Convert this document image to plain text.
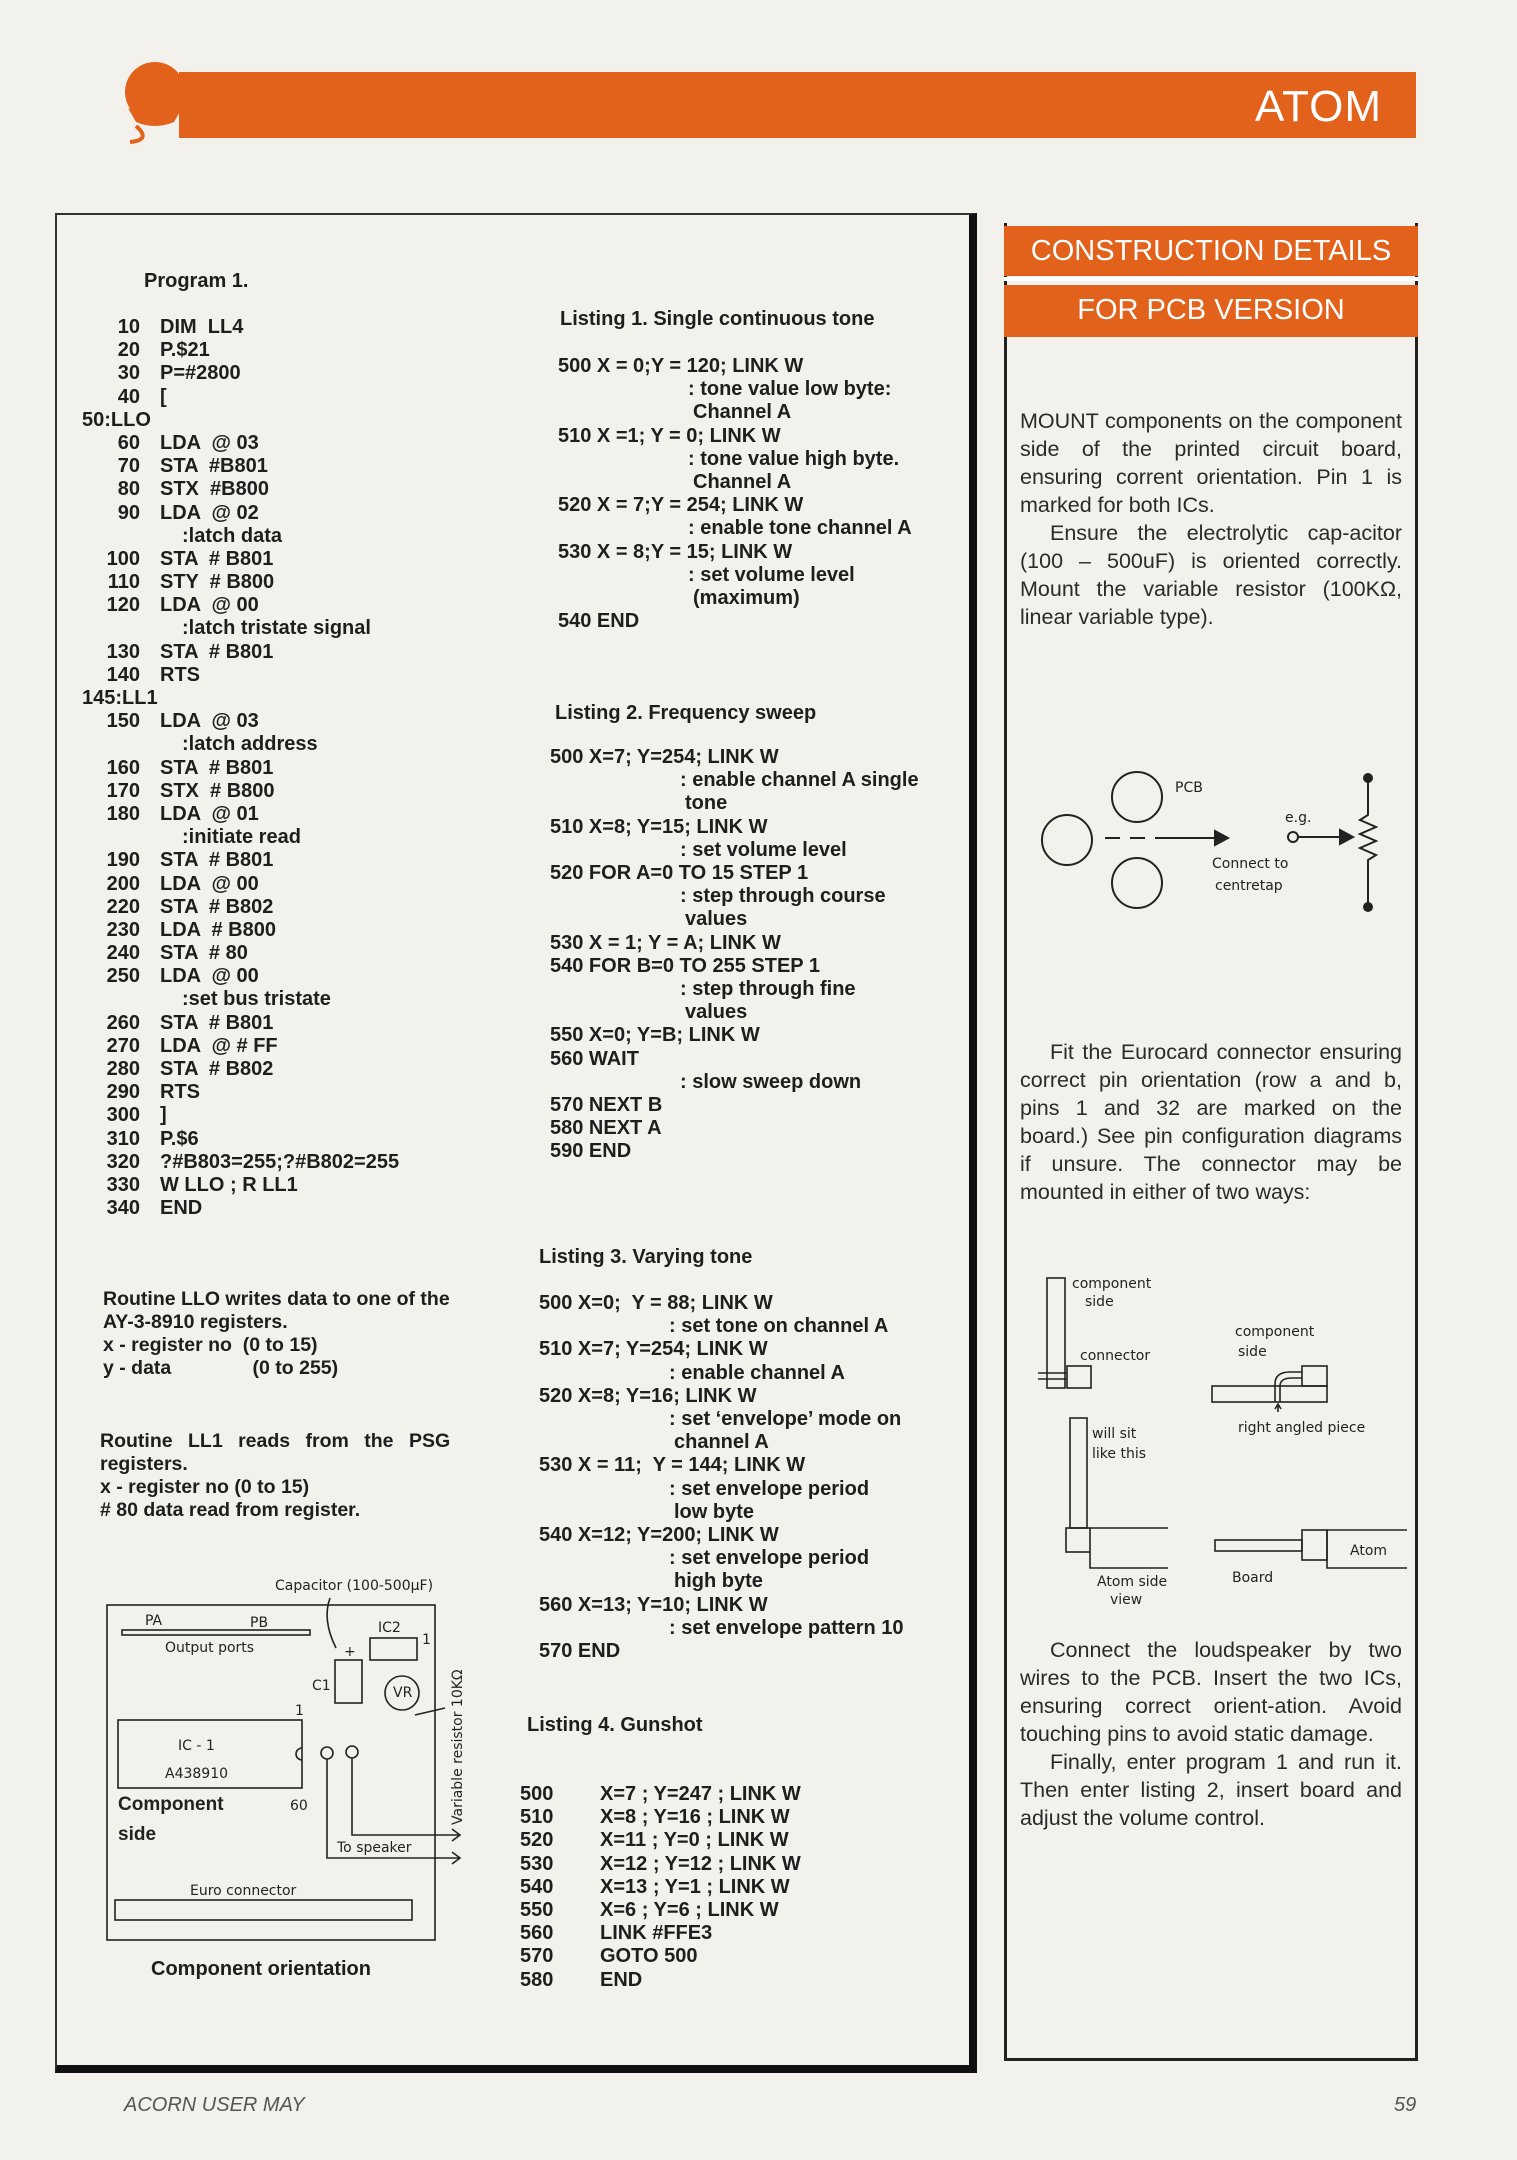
ATOM
Program 1.
10	DIM  LL4
20	P.$21
30	P=#2800
40	[
50:LLO
60	LDA  @ 03
70	STA  #B801
80	STX  #B800
90	LDA  @ 02
:latch data
100	STA  # B801
110	STY  # B800
120	LDA  @ 00
:latch tristate signal
130	STA  # B801
140	RTS
145:LL1
150	LDA  @ 03
:latch address
160	STA  # B801
170	STX  # B800
180	LDA  @ 01
:initiate read
190	STA  # B801
200	LDA  @ 00
220	STA  # B802
230	LDA  # B800
240	STA  # 80
250	LDA  @ 00
:set bus tristate
260	STA  # B801
270	LDA  @ # FF
280	STA  # B802
290	RTS
300	]
310	P.$6
320	?#B803=255;?#B802=255
330	W LLO ; R LL1
340	END
Routine LLO writes data to one of the
AY-3-8910 registers.
x - register no  (0 to 15)
y - data               (0 to 255)
Routine LL1 reads from the PSG
registers.
x - register no (0 to 15)
# 80 data read from register.
Capacitor (100-500μF)
PA	PB
Output ports
IC2
1
+
C1	VR
1
IC - 1
A438910
60
Component
side
To speaker
Euro connector
Variable resistor 10KΩ
Component orientation
Listing 1. Single continuous tone
500 X = 0;Y = 120; LINK W
: tone value low byte:
Channel A
510 X =1; Y = 0; LINK W
: tone value high byte.
Channel A
520 X = 7;Y = 254; LINK W
: enable tone channel A
530 X = 8;Y = 15; LINK W
: set volume level
(maximum)
540 END
Listing 2. Frequency sweep
500 X=7; Y=254; LINK W
: enable channel A single
tone
510 X=8; Y=15; LINK W
: set volume level
520 FOR A=0 TO 15 STEP 1
: step through course
values
530 X = 1; Y = A; LINK W
540 FOR B=0 TO 255 STEP 1
: step through fine
values
550 X=0; Y=B; LINK W
560 WAIT
: slow sweep down
570 NEXT B
580 NEXT A
590 END
Listing 3. Varying tone
500 X=0;  Y = 88; LINK W
: set tone on channel A
510 X=7; Y=254; LINK W
: enable channel A
520 X=8; Y=16; LINK W
: set ‘envelope’ mode on
channel A
530 X = 11;  Y = 144; LINK W
: set envelope period
low byte
540 X=12; Y=200; LINK W
: set envelope period
high byte
560 X=13; Y=10; LINK W
: set envelope pattern 10
570 END
Listing 4. Gunshot
500	X=7 ; Y=247 ; LINK W
510	X=8 ; Y=16 ; LINK W
520	X=11 ; Y=0 ; LINK W
530	X=12 ; Y=12 ; LINK W
540	X=13 ; Y=1 ; LINK W
550	X=6 ; Y=6 ; LINK W
560	LINK #FFE3
570	GOTO 500
580	END
CONSTRUCTION DETAILS
FOR PCB VERSION

MOUNT components on the component side of the printed circuit board, ensuring corrent orientation. Pin 1 is marked for both ICs.

Ensure the electrolytic cap-acitor (100 – 500uF) is oriented correctly. Mount the variable resistor (100KΩ, linear variable type).

PCB
e.g.
Connect to
centretap

Fit the Eurocard connector ensuring correct pin orientation (row a and b, pins 1 and 32 are marked on the board.) See pin configuration diagrams if unsure. The connector may be mounted in either of two ways:

component
side
connector
will sit
like this
Atom side
view
component
side
right angled piece
Board
Atom

Connect the loudspeaker by two wires to the PCB. Insert the two ICs, ensuring correct orient-ation. Avoid touching pins to avoid static damage.

Finally, enter program 1 and run it. Then enter listing 2, insert board and adjust the volume control.

ACORN USER MAY	59
